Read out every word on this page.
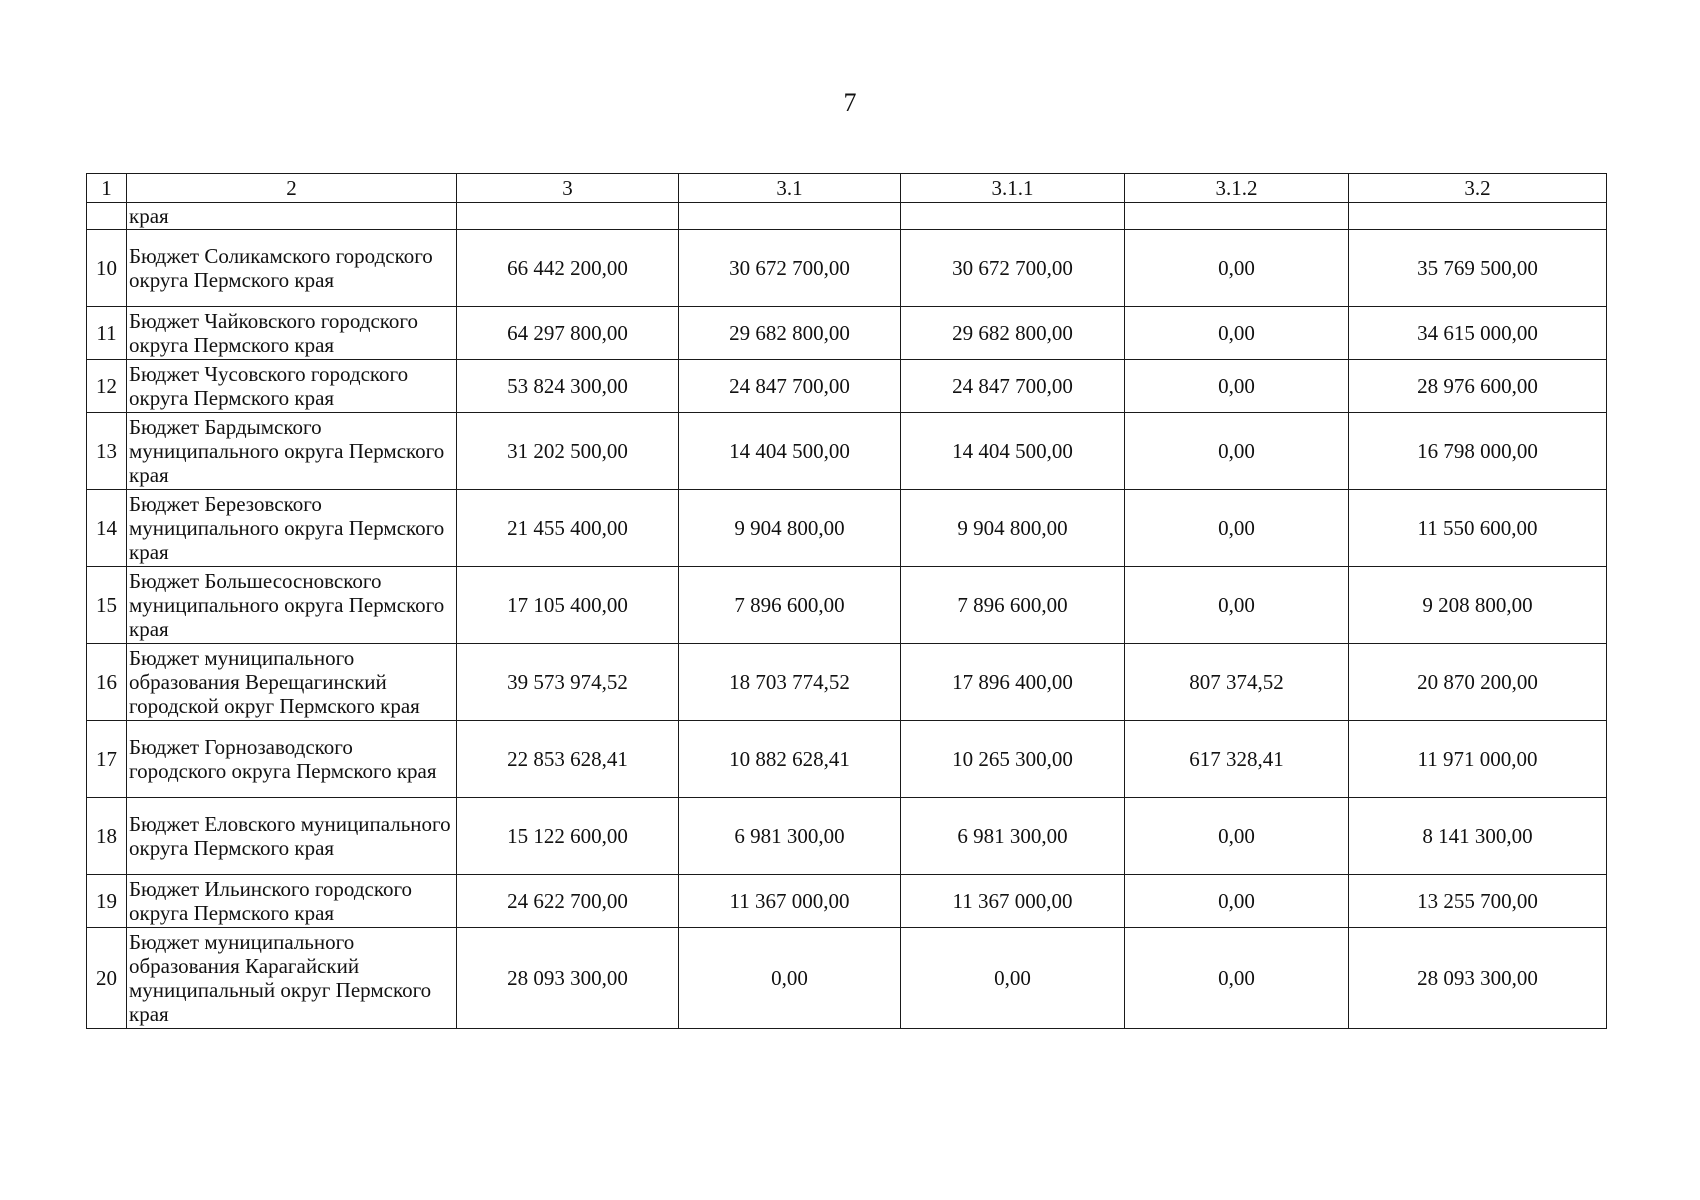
7
1	2	3	3.1	3.1.1	3.1.2	3.2
	края					
10	Бюджет Соликамского городского округа Пермского края	66 442 200,00	30 672 700,00	30 672 700,00	0,00	35 769 500,00
11	Бюджет Чайковского городского округа Пермского края	64 297 800,00	29 682 800,00	29 682 800,00	0,00	34 615 000,00
12	Бюджет Чусовского городского округа Пермского края	53 824 300,00	24 847 700,00	24 847 700,00	0,00	28 976 600,00
13	Бюджет Бардымского муниципального округа Пермского края	31 202 500,00	14 404 500,00	14 404 500,00	0,00	16 798 000,00
14	Бюджет Березовского муниципального округа Пермского края	21 455 400,00	9 904 800,00	9 904 800,00	0,00	11 550 600,00
15	Бюджет Большесосновского муниципального округа Пермского края	17 105 400,00	7 896 600,00	7 896 600,00	0,00	9 208 800,00
16	Бюджет муниципального образования Верещагинский городской округ Пермского края	39 573 974,52	18 703 774,52	17 896 400,00	807 374,52	20 870 200,00
17	Бюджет Горнозаводского городского округа Пермского края	22 853 628,41	10 882 628,41	10 265 300,00	617 328,41	11 971 000,00
18	Бюджет Еловского муниципального округа Пермского края	15 122 600,00	6 981 300,00	6 981 300,00	0,00	8 141 300,00
19	Бюджет Ильинского городского округа Пермского края	24 622 700,00	11 367 000,00	11 367 000,00	0,00	13 255 700,00
20	Бюджет муниципального образования Карагайский муниципальный округ Пермского края	28 093 300,00	0,00	0,00	0,00	28 093 300,00
